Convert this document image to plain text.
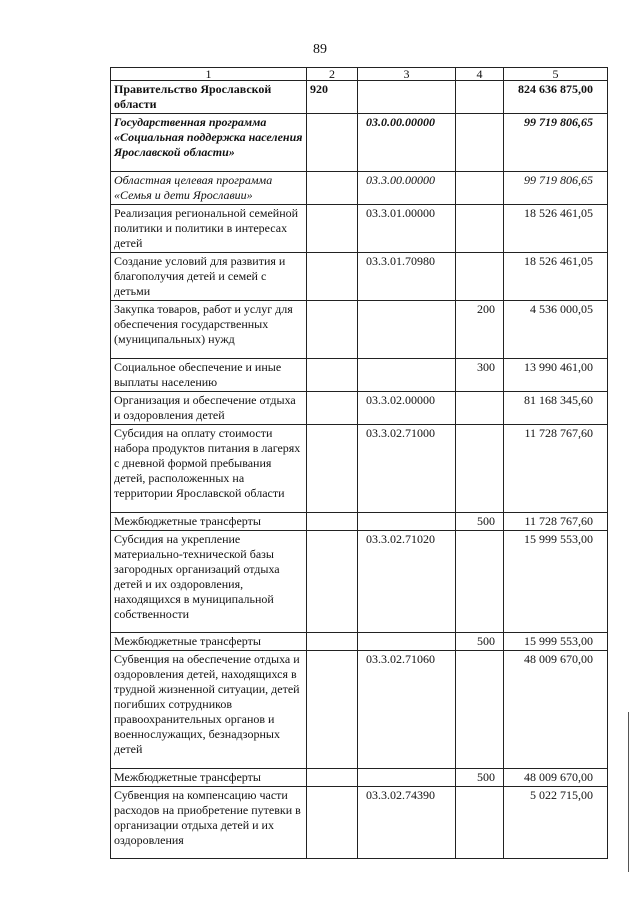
89
1	2	3	4	5
Правительство Ярославской области	920			824 636 875,00
Государственная программа «Социальная поддержка населения Ярославской области»		03.0.00.00000		99 719 806,65
Областная целевая программа «Семья и дети Ярославии»		03.3.00.00000		99 719 806,65
Реализация региональной семейной политики и политики в интересах детей		03.3.01.00000		18 526 461,05
Создание условий для развития и благополучия детей и семей с детьми		03.3.01.70980		18 526 461,05
Закупка товаров, работ и услуг для обеспечения государственных (муниципальных) нужд			200	4 536 000,05
Социальное обеспечение и иные выплаты населению			300	13 990 461,00
Организация и обеспечение отдыха и оздоровления детей		03.3.02.00000		81 168 345,60
Субсидия на оплату стоимости набора продуктов питания в лагерях с дневной формой пребывания детей, расположенных на территории Ярославской области		03.3.02.71000		11 728 767,60
Межбюджетные трансферты			500	11 728 767,60
Субсидия на укрепление материально-технической базы загородных организаций отдыха детей и их оздоровления, находящихся в муниципальной собственности		03.3.02.71020		15 999 553,00
Межбюджетные трансферты			500	15 999 553,00
Субвенция на обеспечение отдыха и оздоровления детей, находящихся в трудной жизненной ситуации, детей погибших сотрудников правоохранительных органов и военнослужащих, безнадзорных детей		03.3.02.71060		48 009 670,00
Межбюджетные трансферты			500	48 009 670,00
Субвенция на компенсацию части расходов на приобретение путевки в организации отдыха детей и их оздоровления		03.3.02.74390		5 022 715,00
